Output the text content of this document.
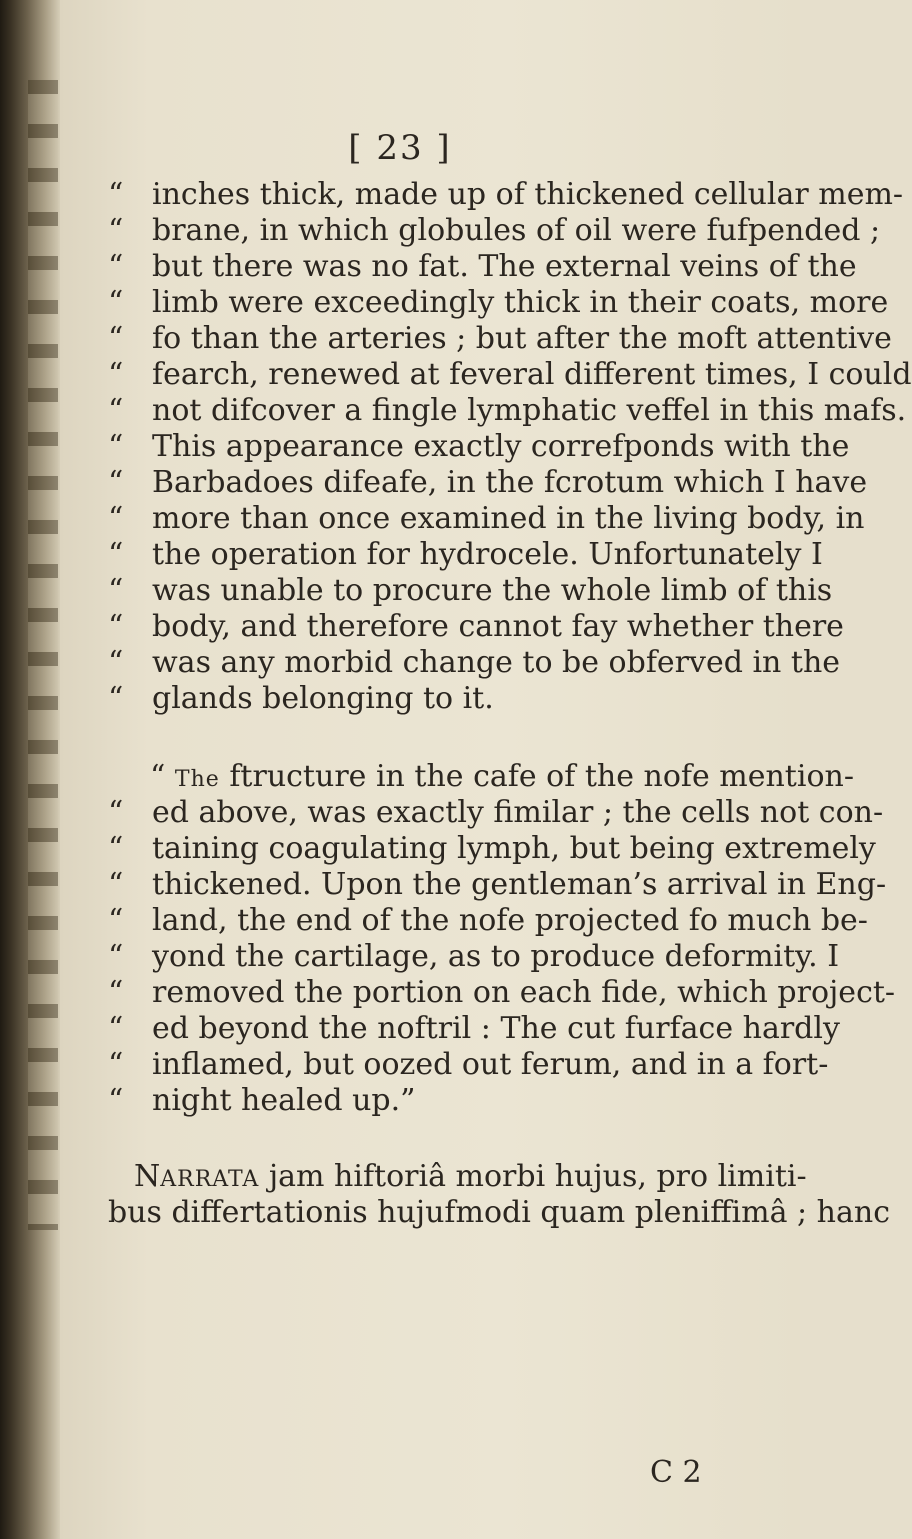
[ 23 ]
“ inches thick, made up of thickened cellular mem-
“ brane, in which globules of oil were fufpended ;
“ but there was no fat. The external veins of the
“ limb were exceedingly thick in their coats, more
“ fo than the arteries ; but after the moft attentive
“ fearch, renewed at feveral different times, I could
“ not difcover a fingle lymphatic veffel in this mafs.
“ This appearance exactly correfponds with the
“ Barbadoes difeafe, in the fcrotum which I have
“ more than once examined in the living body, in
“ the operation for hydrocele. Unfortunately I
“ was unable to procure the whole limb of this
“ body, and therefore cannot fay whether there
“ was any morbid change to be obferved in the
“ glands belonging to it.
“ The ftructure in the cafe of the nofe mention-
“ ed above, was exactly fimilar ; the cells not con-
“ taining coagulating lymph, but being extremely
“ thickened. Upon the gentleman’s arrival in Eng-
“ land, the end of the nofe projected fo much be-
“ yond the cartilage, as to produce deformity. I
“ removed the portion on each fide, which project-
“ ed beyond the noftril : The cut furface hardly
“ inflamed, but oozed out ferum, and in a fort-
“ night healed up.”
NARRATA jam hiftoriâ morbi hujus, pro limiti-
bus differtationis hujufmodi quam pleniffimâ ; hanc
C 2
